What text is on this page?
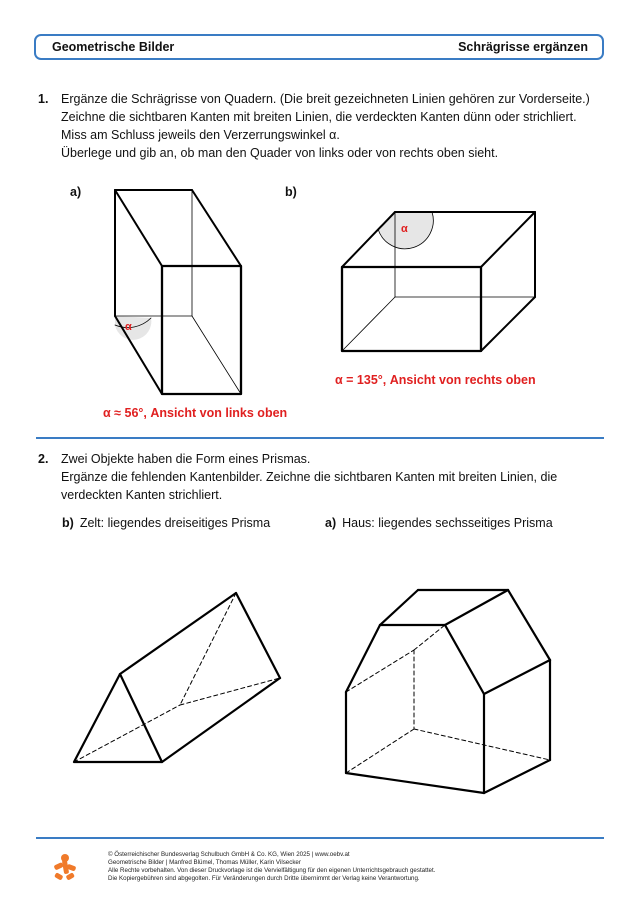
Geometrische Bilder	Schrägrisse ergänzen
1. Ergänze die Schrägrisse von Quadern. (Die breit gezeichneten Linien gehören zur Vorderseite.)
Zeichne die sichtbaren Kanten mit breiten Linien, die verdeckten Kanten dünn oder strichliert.
Miss am Schluss jeweils den Verzerrungswinkel α.
Überlege und gib an, ob man den Quader von links oder von rechts oben sieht.
a)	b)
α = 135°, Ansicht von rechts oben
α ≈ 56°, Ansicht von links oben
2. Zwei Objekte haben die Form eines Prismas.
Ergänze die fehlenden Kantenbilder. Zeichne die sichtbaren Kanten mit breiten Linien, die
verdeckten Kanten strichliert.
b) Zelt: liegendes dreiseitiges Prisma	a) Haus: liegendes sechsseitiges Prisma
α
α
© Österreichischer Bundesverlag Schulbuch GmbH & Co. KG, Wien 2025 | www.oebv.at
Geometrische Bilder | Manfred Blümel, Thomas Müller, Karin Vilsecker
Alle Rechte vorbehalten. Von dieser Druckvorlage ist die Vervielfältigung für den eigenen Unterrichtsgebrauch gestattet.
Die Kopiergebühren sind abgegolten. Für Veränderungen durch Dritte übernimmt der Verlag keine Verantwortung.
